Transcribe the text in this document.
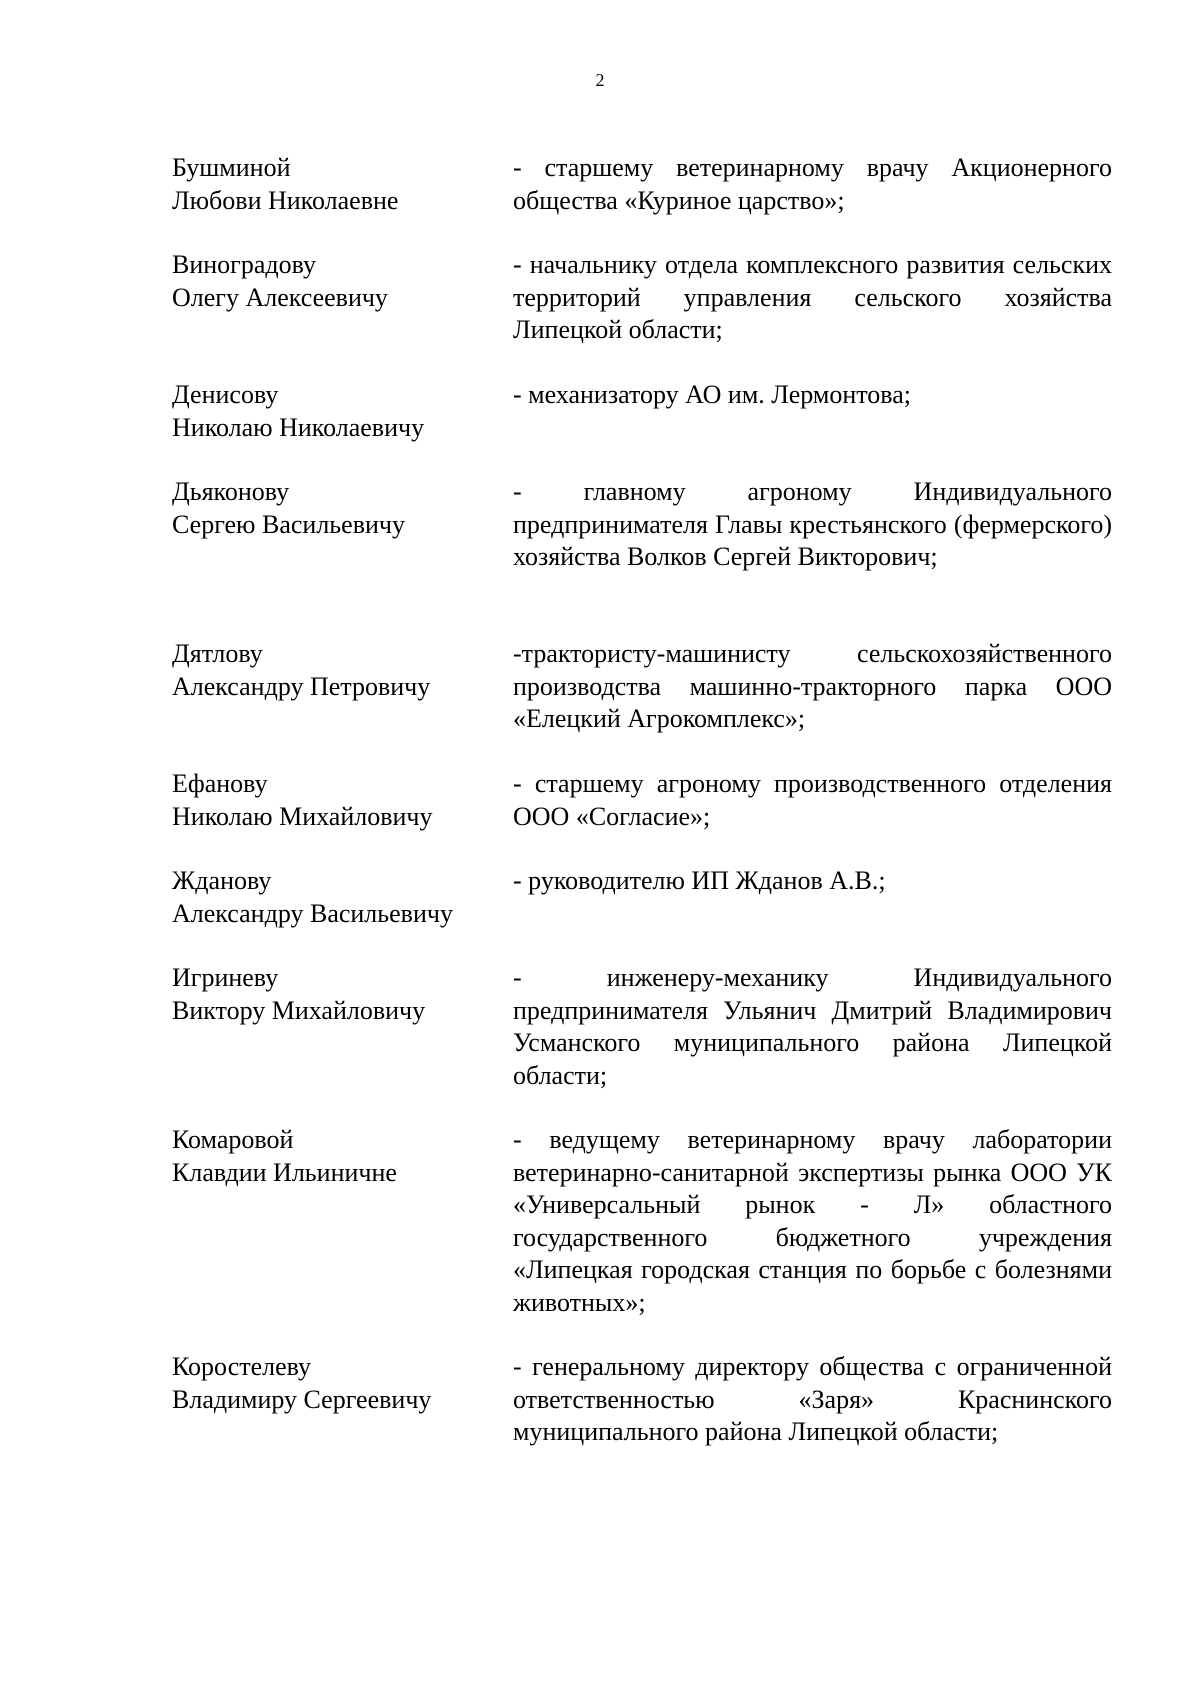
2
Бушминой
Любови Николаевне
- старшему ветеринарному врачу Акционерного общества «Куриное царство»;
Виноградову
Олегу Алексеевичу
- начальнику отдела комплексного развития сельских территорий управления сельского хозяйства Липецкой области;
Денисову
Николаю Николаевичу
- механизатору АО им. Лермонтова;
Дьяконову
Сергею Васильевичу
- главному агроному Индивидуального предпринимателя Главы крестьянского (фермерского) хозяйства Волков Сергей Викторович;
Дятлову
Александру Петровичу
-трактористу-машинисту сельскохозяйственного производства машинно-тракторного парка ООО «Елецкий Агрокомплекс»;
Ефанову
Николаю Михайловичу
- старшему агроному производственного отделения ООО «Согласие»;
Жданову
Александру Васильевичу
- руководителю ИП Жданов А.В.;
Игриневу
Виктору Михайловичу
- инженеру-механику Индивидуального предпринимателя Ульянич Дмитрий Владимирович Усманского муниципального района Липецкой области;
Комаровой
Клавдии Ильиничне
- ведущему ветеринарному врачу лаборатории ветеринарно-санитарной экспертизы рынка ООО УК «Универсальный рынок - Л» областного государственного бюджетного учреждения «Липецкая городская станция по борьбе с болезнями животных»;
Коростелеву
Владимиру Сергеевичу
- генеральному директору общества с ограниченной ответственностью «Заря» Краснинского муниципального района Липецкой области;
